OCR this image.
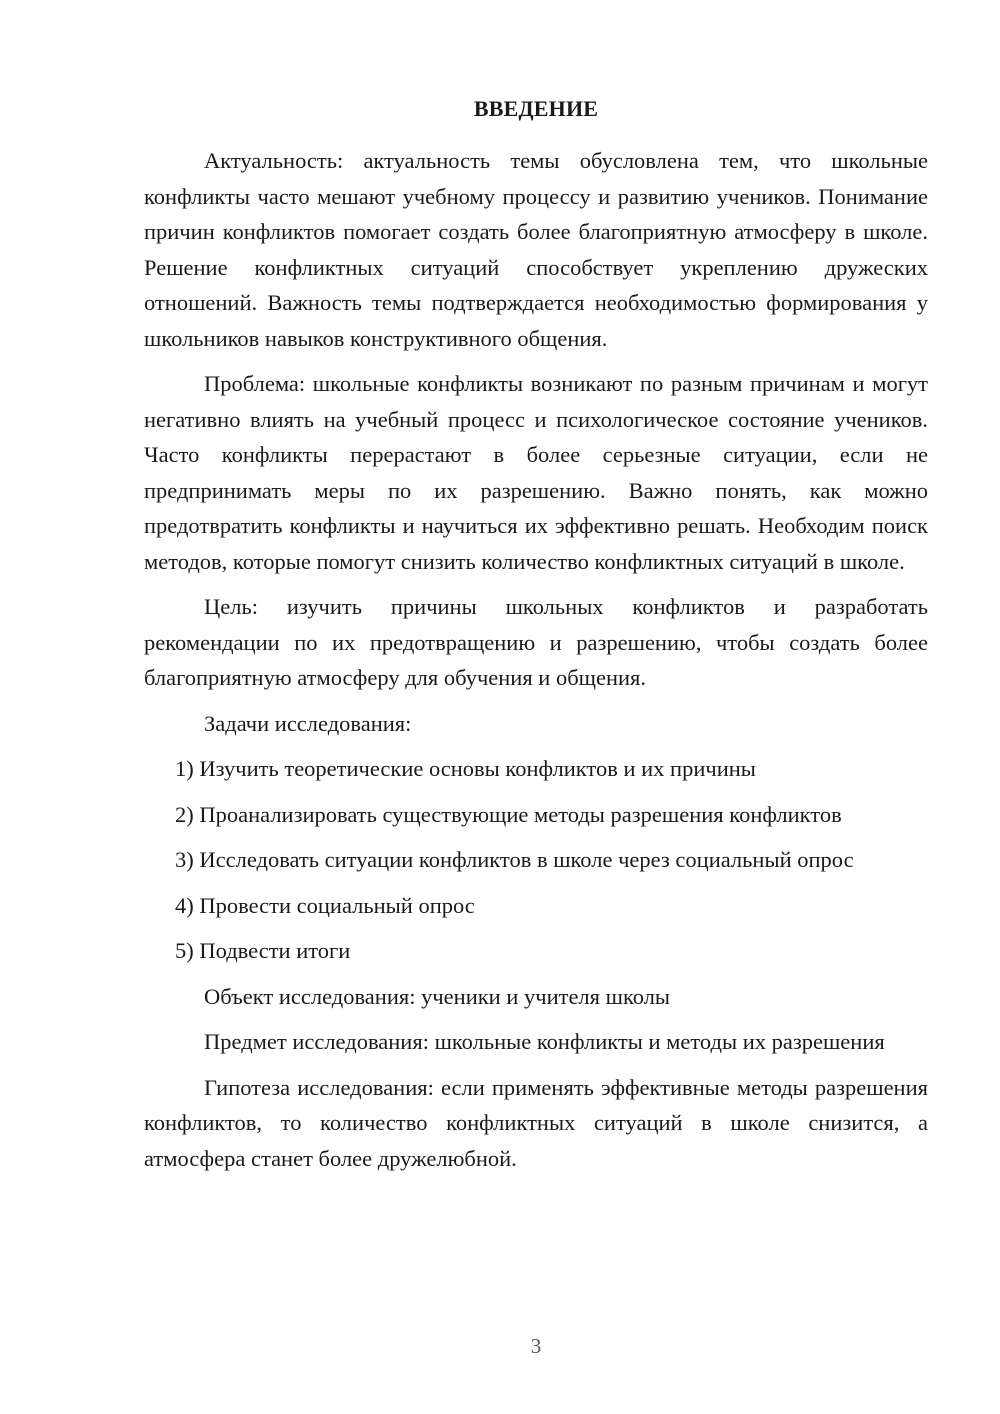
ВВЕДЕНИЕ

Актуальность: актуальность темы обусловлена тем, что школьные конфликты часто мешают учебному процессу и развитию учеников. Понимание причин конфликтов помогает создать более благоприятную атмосферу в школе. Решение конфликтных ситуаций способствует укреплению дружеских отношений. Важность темы подтверждается необходимостью формирования у школьников навыков конструктивного общения.

Проблема: школьные конфликты возникают по разным причинам и могут негативно влиять на учебный процесс и психологическое состояние учеников. Часто конфликты перерастают в более серьезные ситуации, если не предпринимать меры по их разрешению. Важно понять, как можно предотвратить конфликты и научиться их эффективно решать. Необходим поиск методов, которые помогут снизить количество конфликтных ситуаций в школе.

Цель: изучить причины школьных конфликтов и разработать рекомендации по их предотвращению и разрешению, чтобы создать более благоприятную атмосферу для обучения и общения.

Задачи исследования:

1) Изучить теоретические основы конфликтов и их причины

2) Проанализировать существующие методы разрешения конфликтов

3) Исследовать ситуации конфликтов в школе через социальный опрос

4) Провести социальный опрос

5) Подвести итоги

Объект исследования: ученики и учителя школы

Предмет исследования: школьные конфликты и методы их разрешения

Гипотеза исследования: если применять эффективные методы разрешения конфликтов, то количество конфликтных ситуаций в школе снизится, а атмосфера станет более дружелюбной.

3
